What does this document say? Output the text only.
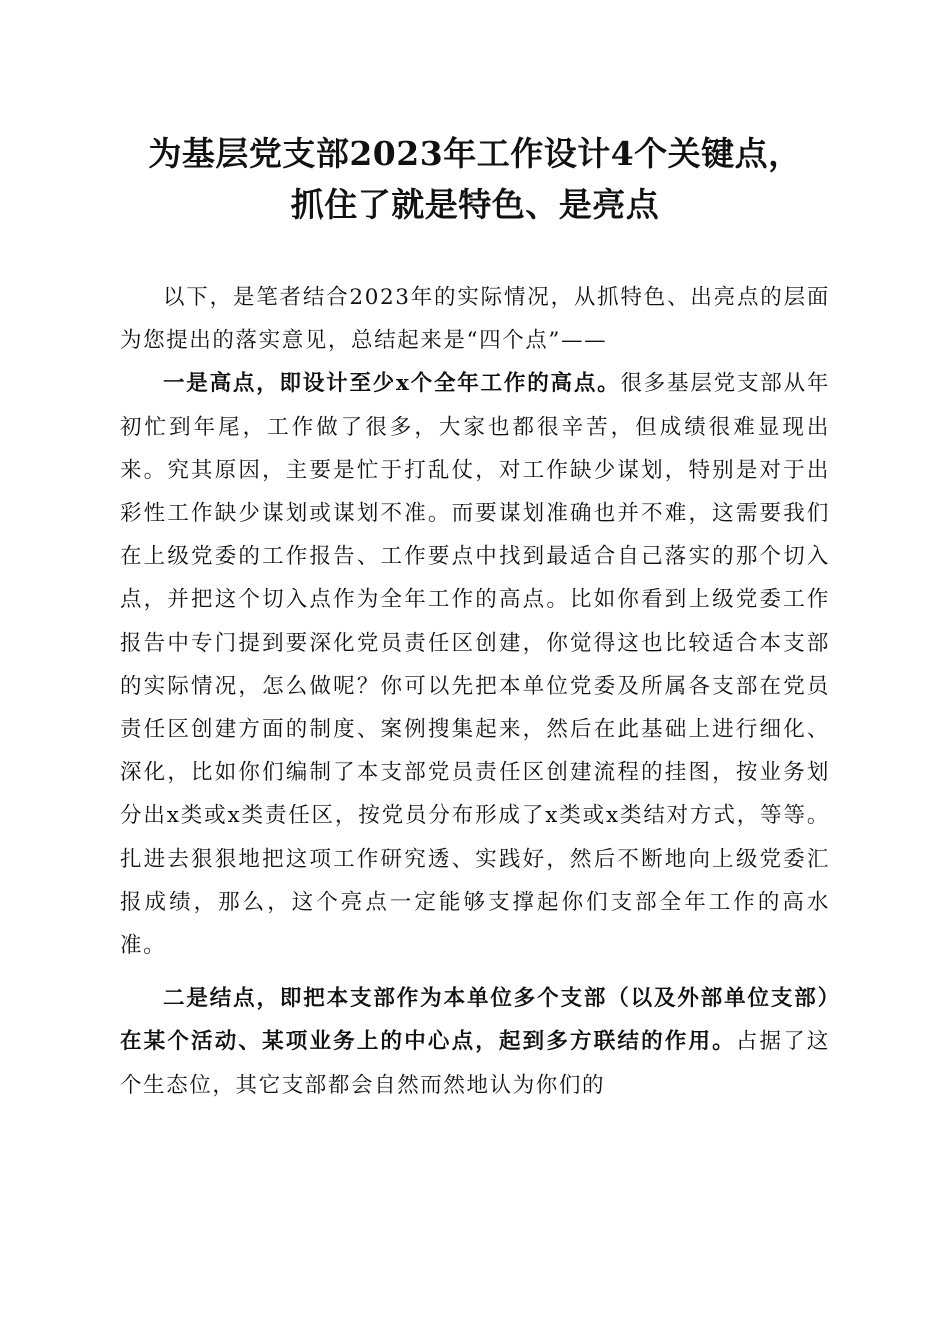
为基层党支部2023年工作设计4个关键点，
抓住了就是特色、是亮点

以下，是笔者结合2023年的实际情况，从抓特色、出亮点的层面为您提出的落实意见，总结起来是“四个点”——

一是高点，即设计至少x个全年工作的高点。很多基层党支部从年初忙到年尾，工作做了很多，大家也都很辛苦，但成绩很难显现出来。究其原因，主要是忙于打乱仗，对工作缺少谋划，特别是对于出彩性工作缺少谋划或谋划不准。而要谋划准确也并不难，这需要我们在上级党委的工作报告、工作要点中找到最适合自己落实的那个切入点，并把这个切入点作为全年工作的高点。比如你看到上级党委工作报告中专门提到要深化党员责任区创建，你觉得这也比较适合本支部的实际情况，怎么做呢？你可以先把本单位党委及所属各支部在党员责任区创建方面的制度、案例搜集起来，然后在此基础上进行细化、深化，比如你们编制了本支部党员责任区创建流程的挂图，按业务划分出x类或x类责任区，按党员分布形成了x类或x类结对方式，等等。扎进去狠狠地把这项工作研究透、实践好，然后不断地向上级党委汇报成绩，那么，这个亮点一定能够支撑起你们支部全年工作的高水准。

二是结点，即把本支部作为本单位多个支部（以及外部单位支部）在某个活动、某项业务上的中心点，起到多方联结的作用。占据了这个生态位，其它支部都会自然而然地认为你们的
